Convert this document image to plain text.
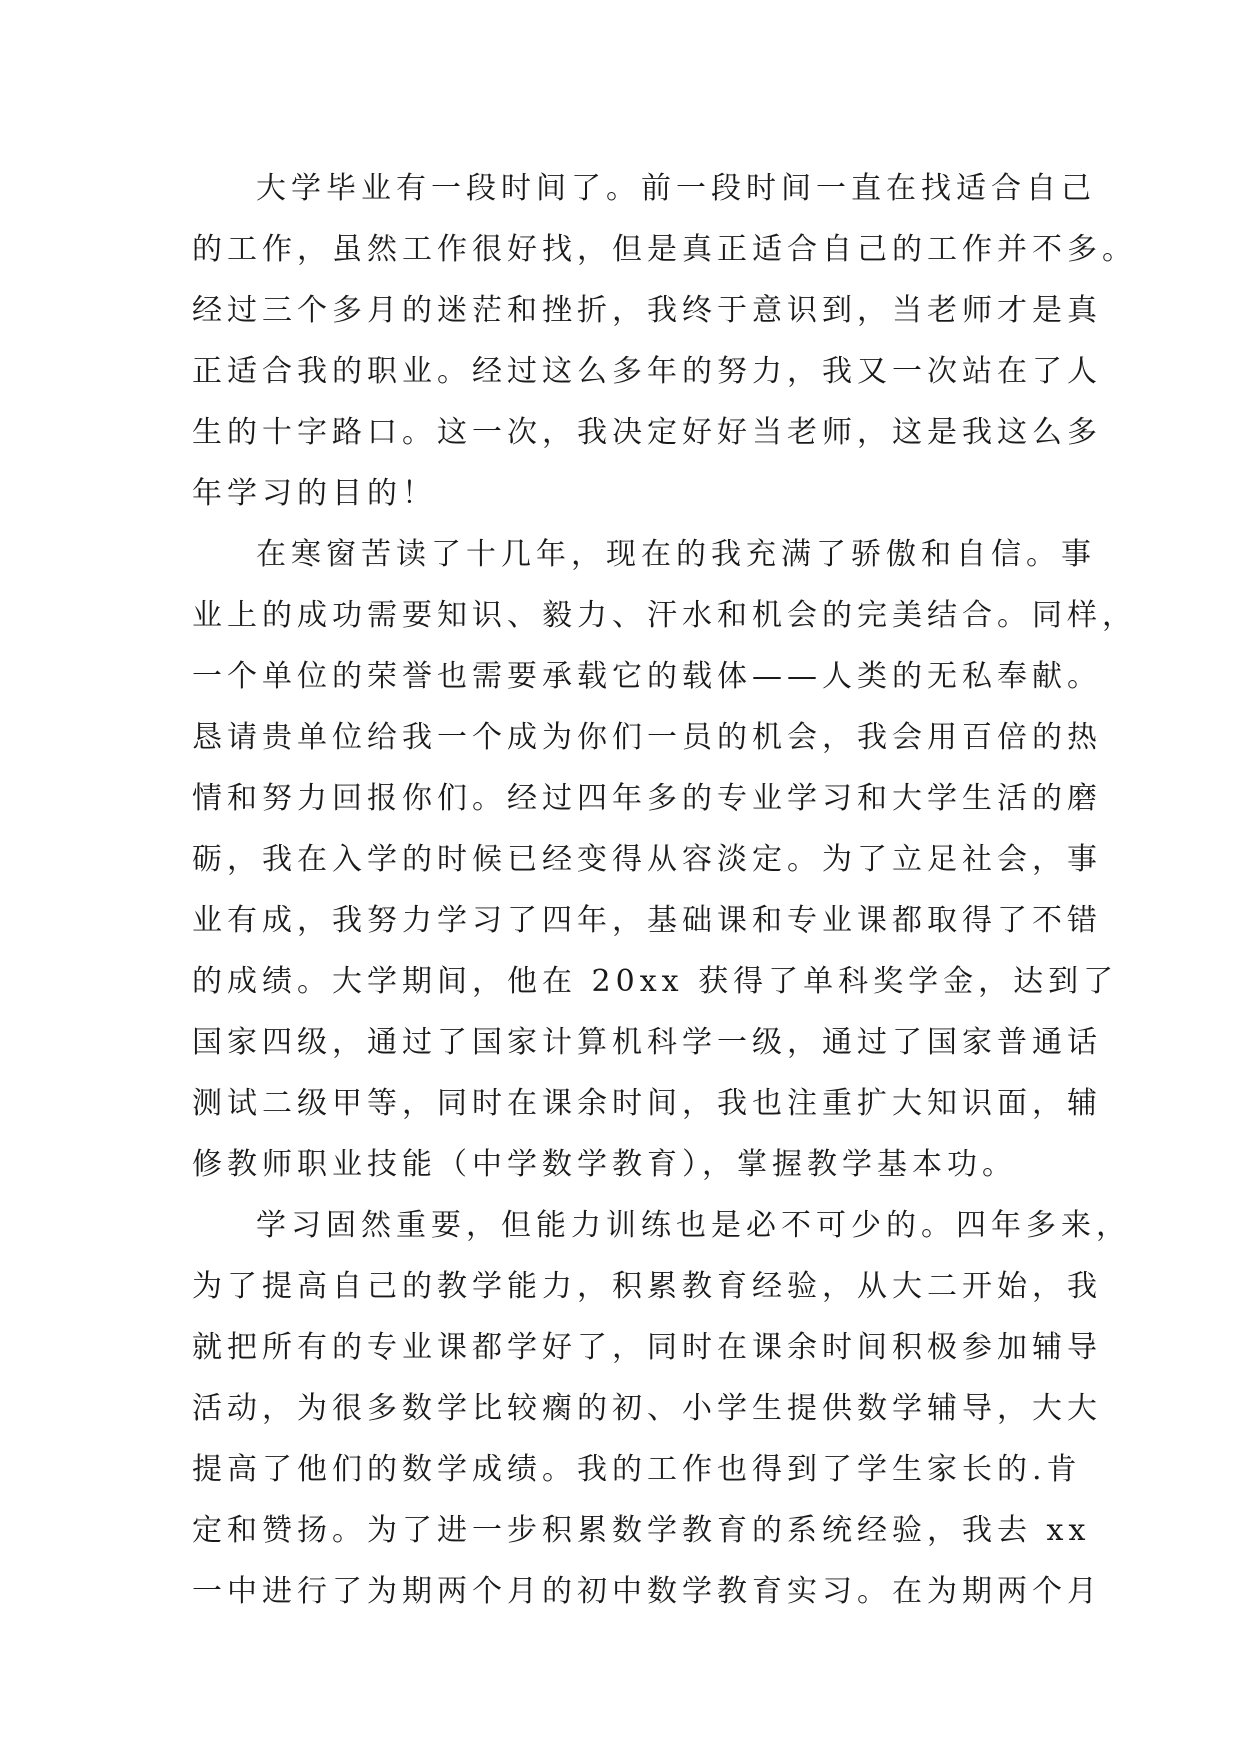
大学毕业有一段时间了。前一段时间一直在找适合自己
的工作，虽然工作很好找，但是真正适合自己的工作并不多。
经过三个多月的迷茫和挫折，我终于意识到，当老师才是真
正适合我的职业。经过这么多年的努力，我又一次站在了人
生的十字路口。这一次，我决定好好当老师，这是我这么多
年学习的目的！
在寒窗苦读了十几年，现在的我充满了骄傲和自信。事
业上的成功需要知识、毅力、汗水和机会的完美结合。同样，
一个单位的荣誉也需要承载它的载体——人类的无私奉献。
恳请贵单位给我一个成为你们一员的机会，我会用百倍的热
情和努力回报你们。经过四年多的专业学习和大学生活的磨
砺，我在入学的时候已经变得从容淡定。为了立足社会，事
业有成，我努力学习了四年，基础课和专业课都取得了不错
的成绩。大学期间，他在 20xx 获得了单科奖学金，达到了
国家四级，通过了国家计算机科学一级，通过了国家普通话
测试二级甲等，同时在课余时间，我也注重扩大知识面，辅
修教师职业技能（中学数学教育），掌握教学基本功。
学习固然重要，但能力训练也是必不可少的。四年多来，
为了提高自己的教学能力，积累教育经验，从大二开始，我
就把所有的专业课都学好了，同时在课余时间积极参加辅导
活动，为很多数学比较瘸的初、小学生提供数学辅导，大大
提高了他们的数学成绩。我的工作也得到了学生家长的.肯
定和赞扬。为了进一步积累数学教育的系统经验，我去 xx
一中进行了为期两个月的初中数学教育实习。在为期两个月
